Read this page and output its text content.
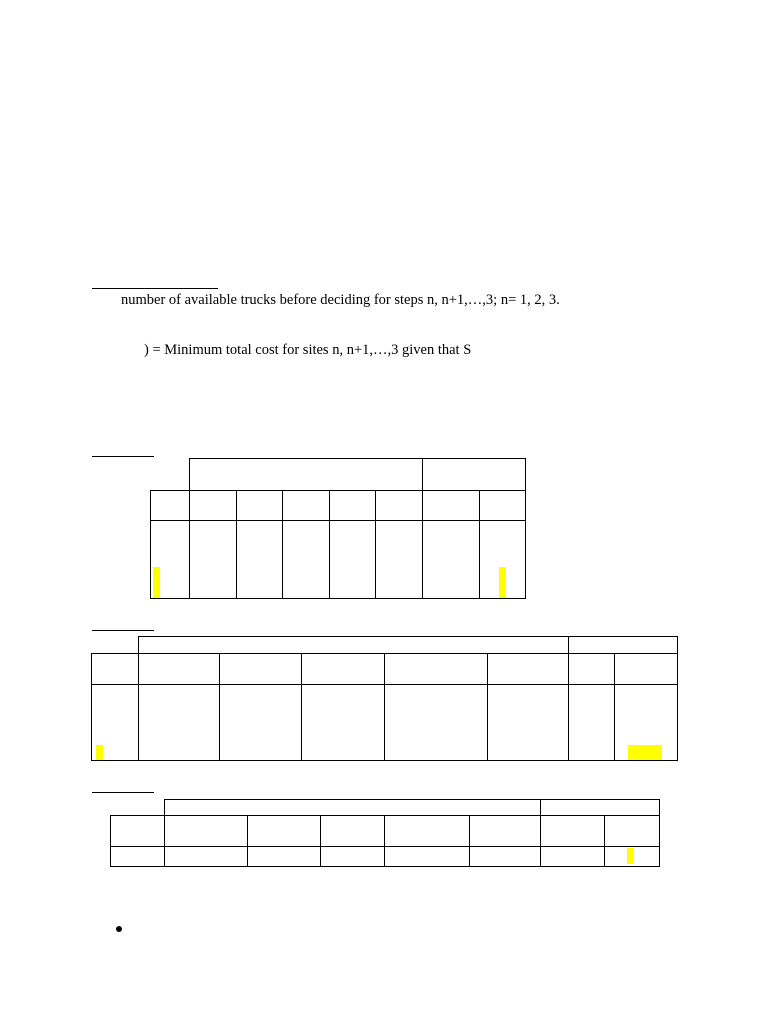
number of available trucks before deciding for steps n, n+1,…,3; n= 1, 2, 3.
) = Minimum total cost for sites n, n+1,…,3 given that S
